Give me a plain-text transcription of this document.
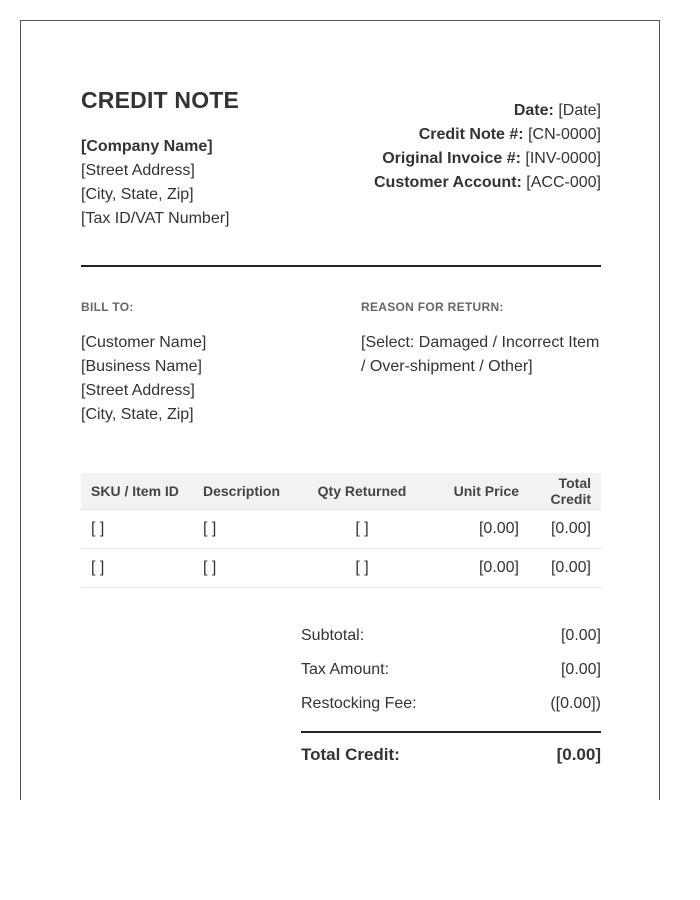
CREDIT NOTE
[Company Name]
[Street Address]
[City, State, Zip]
[Tax ID/VAT Number]
Date: [Date]
Credit Note #: [CN-0000]
Original Invoice #: [INV-0000]
Customer Account: [ACC-000]
BILL TO:	REASON FOR RETURN:
[Customer Name]
[Business Name]
[Street Address]
[City, State, Zip]
[Select: Damaged / Incorrect Item / Over-shipment / Other]
SKU / Item ID	Description	Qty Returned	Unit Price	Total Credit
[ ]	[ ]	[ ]	[0.00]	[0.00]
[ ]	[ ]	[ ]	[0.00]	[0.00]
Subtotal:	[0.00]
Tax Amount:	[0.00]
Restocking Fee:	([0.00])
Total Credit:	[0.00]
